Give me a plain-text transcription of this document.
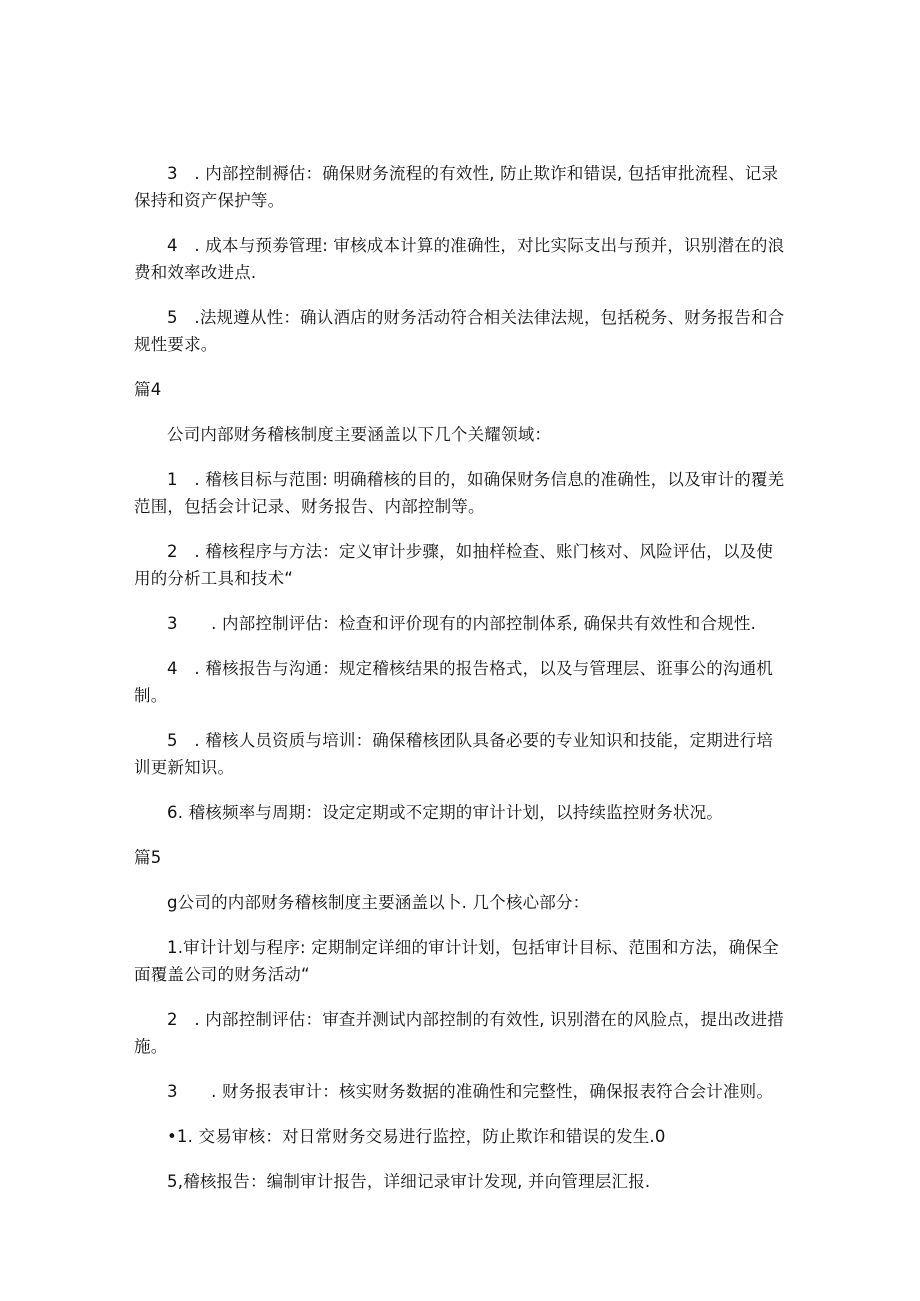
3　. 内部控制褥估：确保财务流程的有效性, 防止欺诈和错误, 包括审批流程、记录保持和资产保护等。

4　. 成本与预劵管理: 审核成本计算的准确性，对比实际支出与预并，识别潜在的浪费和效率改进点.

5　.法规遵从性：确认酒店的财务活动符合相关法律法规，包括税务、财务报告和合规性要求。

篇4

公司内部财务稽核制度主要涵盖以下几个关耀领域：

1　. 稽核目标与范围: 明确稽核的目的，如确保财务信息的准确性，以及审计的覆羌范围，包括会计记录、财务报告、内部控制等。

2　. 稽核程序与方法：定义审计步骤，如抽样检查、账门核对、风险评估，以及使用的分析工具和技术“

3　　. 内部控制评估：检查和评价现有的内部控制体系, 确保共有效性和合规性.

4　. 稽核报告与沟通：规定稽核结果的报告格式，以及与管理层、诳事公的沟通机制。

5　. 稽核人员资质与培训：确保稽核团队具备必要的专业知识和技能，定期进行培训更新知识。

6. 稽核频率与周期：设定定期或不定期的审计计划，以持续监控财务状况。

篇5

g公司的内部财务稽核制度主要涵盖以卜. 几个核心部分：

1.审计计划与程序: 定期制定详细的审计计划，包括审计目标、范围和方法，确保全面覆盖公司的财务活动“

2　. 内部控制评估：审查并测试内部控制的有效性, 识别潜在的风脸点，提出改进措施。

3　　. 财务报表审计：核实财务数据的准确性和完整性，确保报表符合会计准则。

•1. 交易审核：对日常财务交易进行监控，防止欺诈和错误的发生.0

5,稽核报告：编制审计报告，详细记录审计发现, 并向管理层汇报.
